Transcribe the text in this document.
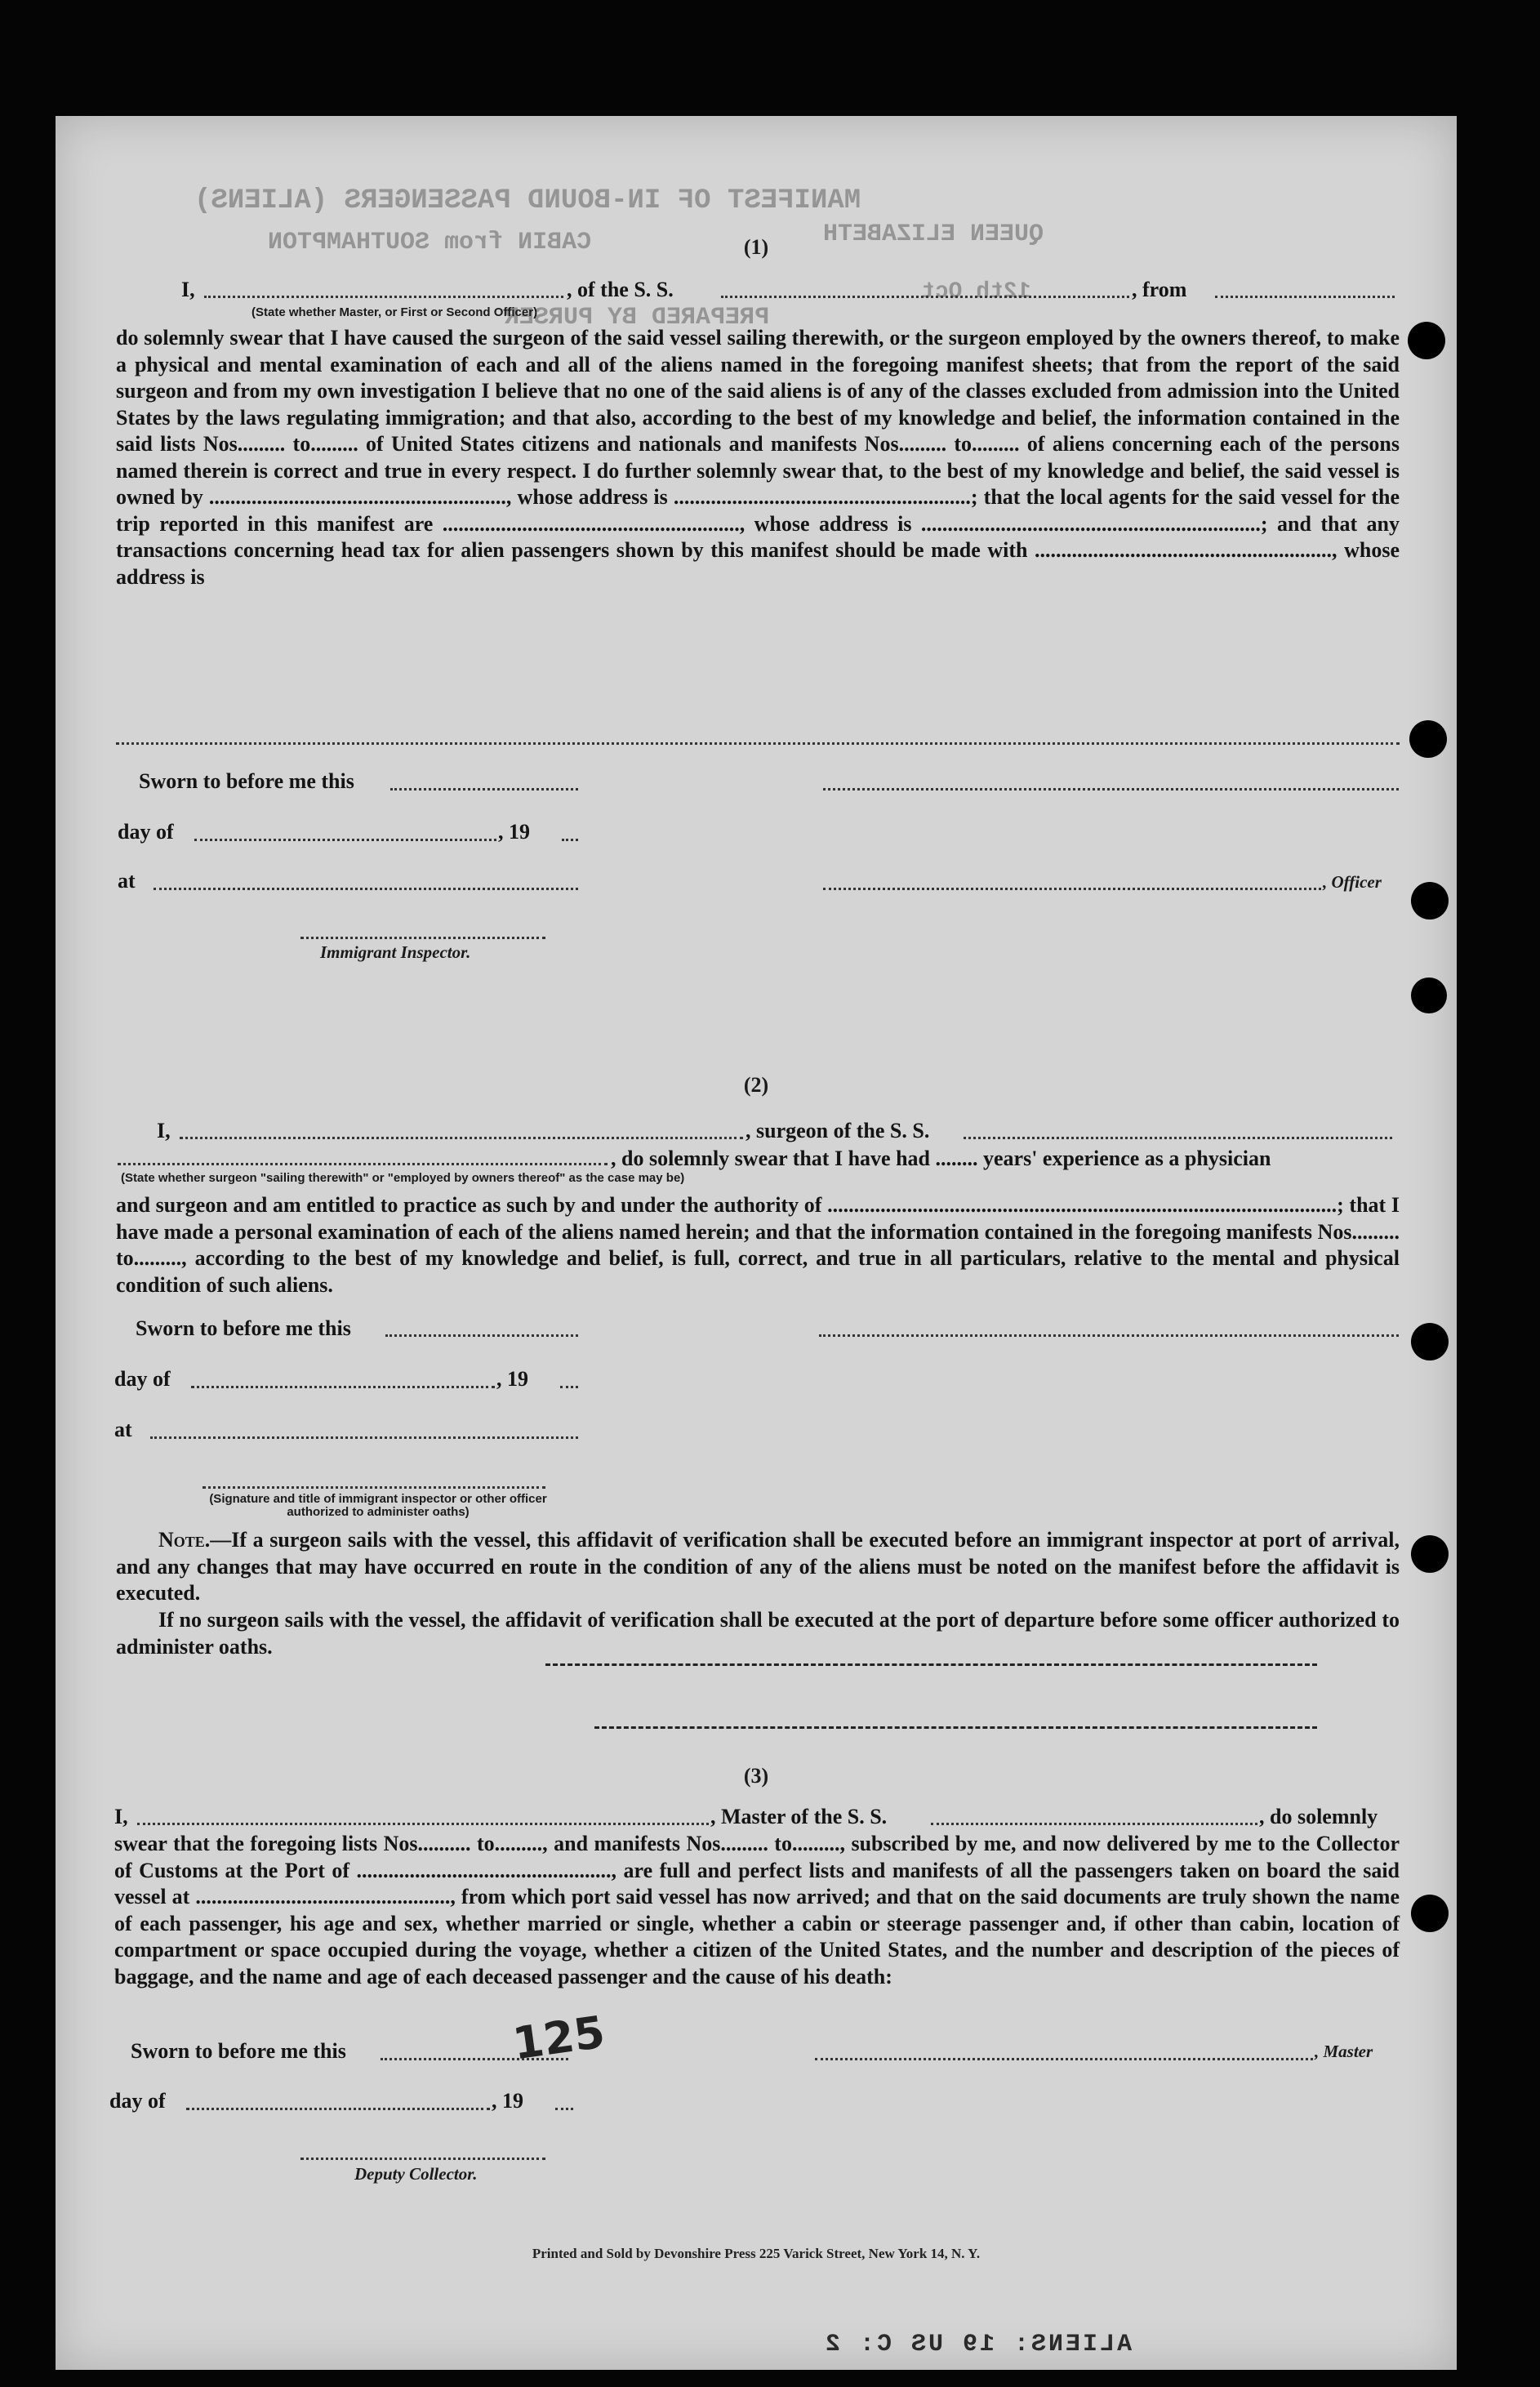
MANIFEST OF IN-BOUND PASSENGERS (ALIENS)
CABIN from SOUTHAMPTON	QUEEN ELIZABETH
12th Oct
PREPARED BY PURSER
(1)
I,	, of the S. S.	, from
(State whether Master, or First or Second Officer)
do solemnly swear that I have caused the surgeon of the said vessel sailing therewith, or the surgeon employed by the owners thereof, to make a physical and mental examination of each and all of the aliens named in the foregoing manifest sheets; that from the report of the said surgeon and from my own investigation I believe that no one of the said aliens is of any of the classes excluded from admission into the United States by the laws regulating immigration; and that also, according to the best of my knowledge and belief, the information contained in the said lists Nos......... to......... of United States citizens and nationals and manifests Nos......... to......... of aliens concerning each of the persons named therein is correct and true in every respect. I do further solemnly swear that, to the best of my knowledge and belief, the said vessel is owned by ........................................................, whose address is ........................................................; that the local agents for the said vessel for the trip reported in this manifest are ........................................................, whose address is ................................................................; and that any transactions concerning head tax for alien passengers shown by this manifest should be made with ........................................................, whose address is
Sworn to before me this
day of	, 19
at	, Officer
Immigrant Inspector.
(2)
I,	, surgeon of the S. S.
, do solemnly swear that I have had ........ years' experience as a physician
(State whether surgeon "sailing therewith" or "employed by owners thereof" as the case may be)
and surgeon and am entitled to practice as such by and under the authority of ................................................................................................; that I have made a personal examination of each of the aliens named herein; and that the information contained in the foregoing manifests Nos......... to........., according to the best of my knowledge and belief, is full, correct, and true in all particulars, relative to the mental and physical condition of such aliens.
Sworn to before me this
day of	, 19
at
(Signature and title of immigrant inspector or other officer authorized to administer oaths)
Note.—If a surgeon sails with the vessel, this affidavit of verification shall be executed before an immigrant inspector at port of arrival, and any changes that may have occurred en route in the condition of any of the aliens must be noted on the manifest before the affidavit is executed.
If no surgeon sails with the vessel, the affidavit of verification shall be executed at the port of departure before some officer authorized to administer oaths.
(3)
I,	, Master of the S. S.	, do solemnly
swear that the foregoing lists Nos.......... to........., and manifests Nos......... to........., subscribed by me, and now delivered by me to the Collector of Customs at the Port of ................................................, are full and perfect lists and manifests of all the passengers taken on board the said vessel at ................................................, from which port said vessel has now arrived; and that on the said documents are truly shown the name of each passenger, his age and sex, whether married or single, whether a cabin or steerage passenger and, if other than cabin, location of compartment or space occupied during the voyage, whether a citizen of the United States, and the number and description of the pieces of baggage, and the name and age of each deceased passenger and the cause of his death:
Sworn to before me this	, Master
125
day of	, 19
Deputy Collector.
Printed and Sold by Devonshire Press 225 Varick Street, New York 14, N. Y.
ALIENS: 19 US C: 2
